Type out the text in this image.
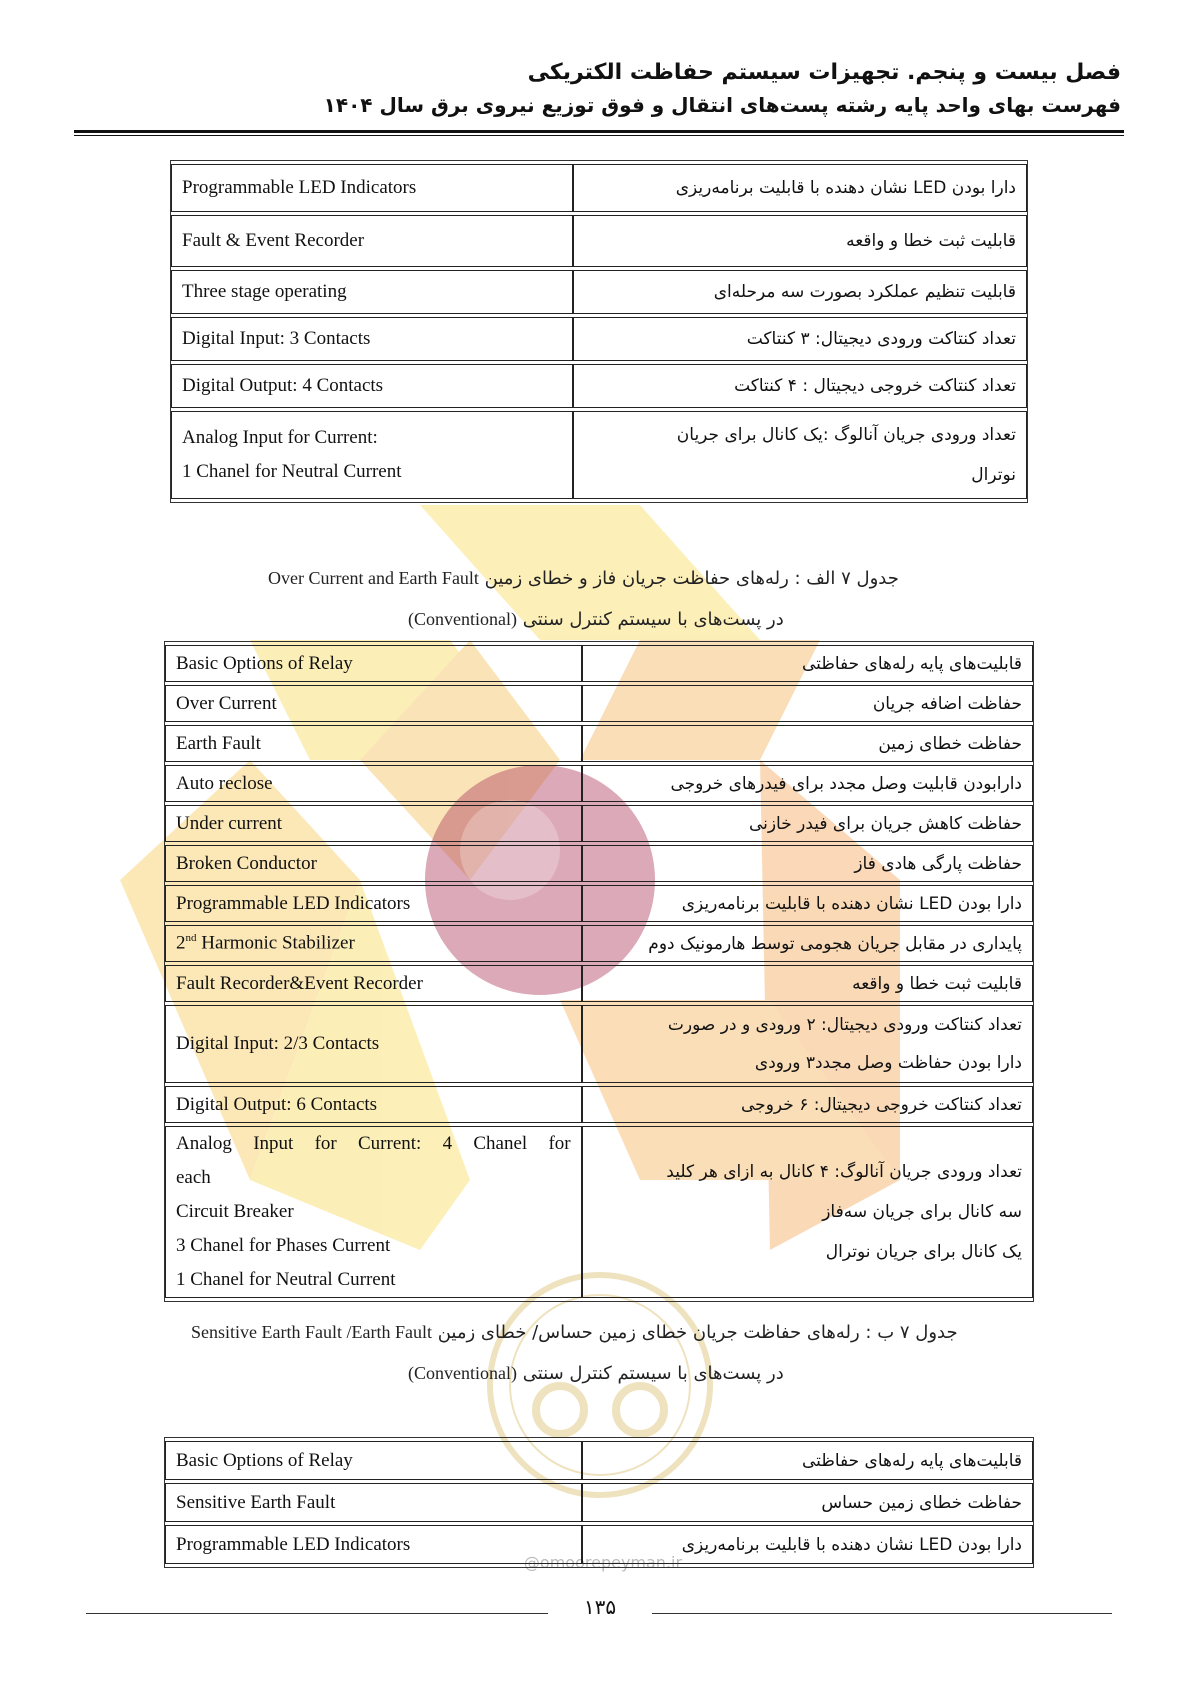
فصل بیست و پنجم. تجهیزات سیستم حفاظت الکتریکی
فهرست بهای واحد پایه رشته پست‌های انتقال و فوق توزیع نیروی برق سال ۱۴۰۴
@omoorepeyman.ir
Programmable LED Indicators	دارا بودن LED نشان دهنده با قابلیت برنامه‌ریزی
Fault & Event Recorder	قابلیت ثبت خطا و واقعه
Three stage operating	قابلیت تنظیم عملکرد بصورت سه مرحله‌ای
Digital Input: 3 Contacts	تعداد کنتاکت ورودی دیجیتال: ۳ کنتاکت
Digital Output: 4 Contacts	تعداد کنتاکت خروجی دیجیتال : ۴ کنتاکت

Analog Input for Current:
1 Chanel for Neutral Current	تعداد ورودی جریان آنالوگ :یک کانال برای جریان
نوترال
Over Current and Earth Fault جدول ۷ الف : رله‌های حفاظت جریان فاز و خطای زمین
(Conventional) در پست‌های با سیستم کنترل سنتی
Basic Options of Relay	قابلیت‌های پایه رله‌های حفاظتی
Over Current	حفاظت اضافه جریان
Earth Fault	حفاظت خطای زمین
Auto reclose	دارابودن قابلیت وصل مجدد برای فیدرهای خروجی
Under current	حفاظت کاهش جریان برای فیدر خازنی
Broken Conductor	حفاظت پارگی هادی فاز
Programmable LED Indicators	دارا بودن LED نشان دهنده با قابلیت برنامه‌ریزی
2nd Harmonic Stabilizer	پایداری در مقابل جریان هجومی توسط هارمونیک دوم
Fault Recorder&Event Recorder	قابلیت ثبت خطا و واقعه
Digital Input: 2/3 Contacts	تعداد کنتاکت ورودی دیجیتال: ۲ ورودی و در صورت
دارا بودن حفاظت وصل مجدد۳ ورودی

Digital Output: 6 Contacts	تعداد کنتاکت خروجی دیجیتال: ۶ خروجی

Analog Input for Current: 4 Chanel for each
Circuit Breaker
3 Chanel for Phases Current
1 Chanel for Neutral Current	تعداد ورودی جریان آنالوگ: ۴ کانال به ازای هر کلید
سه کانال برای جریان سه‌فاز
یک کانال برای جریان نوترال
Sensitive Earth Fault /Earth Fault جدول ۷ ب : رله‌های حفاظت جریان خطای زمین حساس/ خطای زمین
(Conventional) در پست‌های با سیستم کنترل سنتی
Basic Options of Relay	قابلیت‌های پایه رله‌های حفاظتی
Sensitive Earth Fault	حفاظت خطای زمین حساس
Programmable LED Indicators	دارا بودن LED نشان دهنده با قابلیت برنامه‌ریزی
۱۳۵
